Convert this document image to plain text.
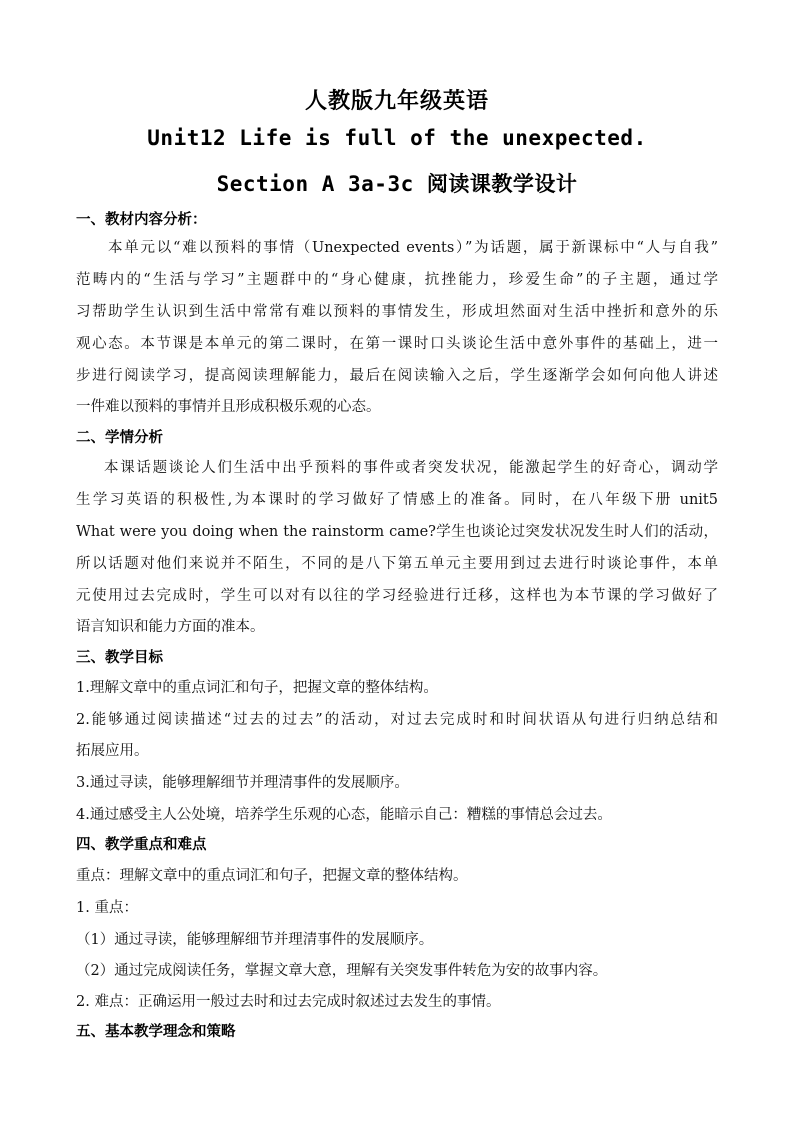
人教版九年级英语
Unit12 Life is full of the unexpected.
Section A 3a-3c 阅读课教学设计
一、教材内容分析：
本单元以“难以预料的事情（Unexpected events）”为话题，属于新课标中“人与自我”
范畴内的“生活与学习”主题群中的“身心健康，抗挫能力，珍爱生命”的子主题，通过学
习帮助学生认识到生活中常常有难以预料的事情发生，形成坦然面对生活中挫折和意外的乐
观心态。本节课是本单元的第二课时，在第一课时口头谈论生活中意外事件的基础上，进一
步进行阅读学习，提高阅读理解能力，最后在阅读输入之后，学生逐渐学会如何向他人讲述
一件难以预料的事情并且形成积极乐观的心态。
二、学情分析
本课话题谈论人们生活中出乎预料的事件或者突发状况，能激起学生的好奇心，调动学
生学习英语的积极性,为本课时的学习做好了情感上的准备。同时，在八年级下册 unit5
What were you doing when the rainstorm came?学生也谈论过突发状况发生时人们的活动，
所以话题对他们来说并不陌生，不同的是八下第五单元主要用到过去进行时谈论事件，本单
元使用过去完成时，学生可以对有以往的学习经验进行迁移，这样也为本节课的学习做好了
语言知识和能力方面的准本。
三、教学目标
1.理解文章中的重点词汇和句子，把握文章的整体结构。
2.能够通过阅读描述“过去的过去”的活动，对过去完成时和时间状语从句进行归纳总结和
拓展应用。
3.通过寻读，能够理解细节并理清事件的发展顺序。
4.通过感受主人公处境，培养学生乐观的心态，能暗示自己：糟糕的事情总会过去。
四、教学重点和难点
重点：理解文章中的重点词汇和句子，把握文章的整体结构。
1. 重点：
（1）通过寻读，能够理解细节并理清事件的发展顺序。
（2）通过完成阅读任务，掌握文章大意，理解有关突发事件转危为安的故事内容。
2. 难点：正确运用一般过去时和过去完成时叙述过去发生的事情。
五、基本教学理念和策略
